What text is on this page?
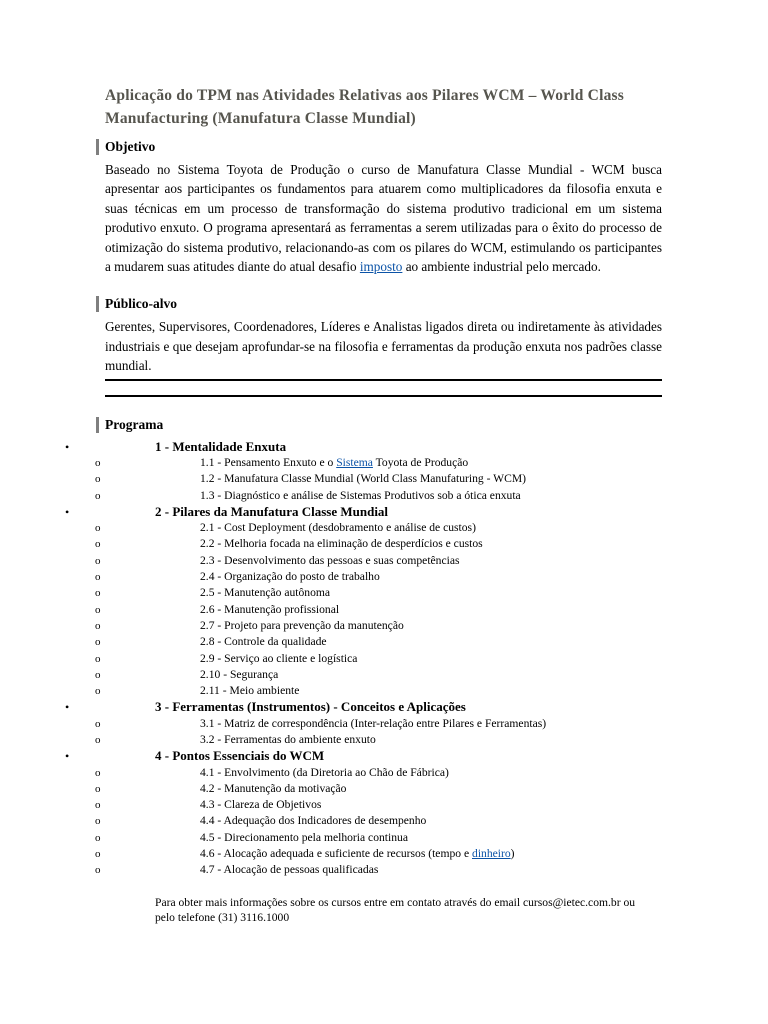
Aplicação do TPM nas Atividades Relativas aos Pilares WCM – World Class Manufacturing (Manufatura Classe Mundial)
Objetivo

Baseado no Sistema Toyota de Produção o curso de Manufatura Classe Mundial - WCM busca apresentar aos participantes os fundamentos para atuarem como multiplicadores da filosofia enxuta e suas técnicas em um processo de transformação do sistema produtivo tradicional em um sistema produtivo enxuto. O programa apresentará as ferramentas a serem utilizadas para o êxito do processo de otimização do sistema produtivo, relacionando-as com os pilares do WCM, estimulando os participantes a mudarem suas atitudes diante do atual desafio imposto ao ambiente industrial pelo mercado.

Público-alvo

Gerentes, Supervisores, Coordenadores, Líderes e Analistas ligados direta ou indiretamente às atividades industriais e que desejam aprofundar-se na filosofia e ferramentas da produção enxuta nos padrões classe mundial.

Programa
•	1 - Mentalidade Enxuta
o	1.1 - Pensamento Enxuto e o Sistema Toyota de Produção
o	1.2 - Manufatura Classe Mundial (World Class Manufaturing - WCM)
o	1.3 - Diagnóstico e análise de Sistemas Produtivos sob a ótica enxuta
•	2 - Pilares da Manufatura Classe Mundial
o	2.1 - Cost Deployment (desdobramento e análise de custos)
o	2.2 - Melhoria focada na eliminação de desperdícios e custos
o	2.3 - Desenvolvimento das pessoas e suas competências
o	2.4 - Organização do posto de trabalho
o	2.5 - Manutenção autônoma
o	2.6 - Manutenção profissional
o	2.7 - Projeto para prevenção da manutenção
o	2.8 - Controle da qualidade
o	2.9 - Serviço ao cliente e logística
o	2.10 - Segurança
o	2.11 - Meio ambiente
•	3 - Ferramentas (Instrumentos) - Conceitos e Aplicações
o	3.1 - Matriz de correspondência (Inter-relação entre Pilares e Ferramentas)
o	3.2 - Ferramentas do ambiente enxuto
•	4 - Pontos Essenciais do WCM
o	4.1 - Envolvimento (da Diretoria ao Chão de Fábrica)
o	4.2 - Manutenção da motivação
o	4.3 - Clareza de Objetivos
o	4.4 - Adequação dos Indicadores de desempenho
o	4.5 - Direcionamento pela melhoria continua
o	4.6 - Alocação adequada e suficiente de recursos (tempo e dinheiro)
o	4.7 - Alocação de pessoas qualificadas

Para obter mais informações sobre os cursos entre em contato através do email cursos@ietec.com.br ou pelo telefone (31) 3116.1000
